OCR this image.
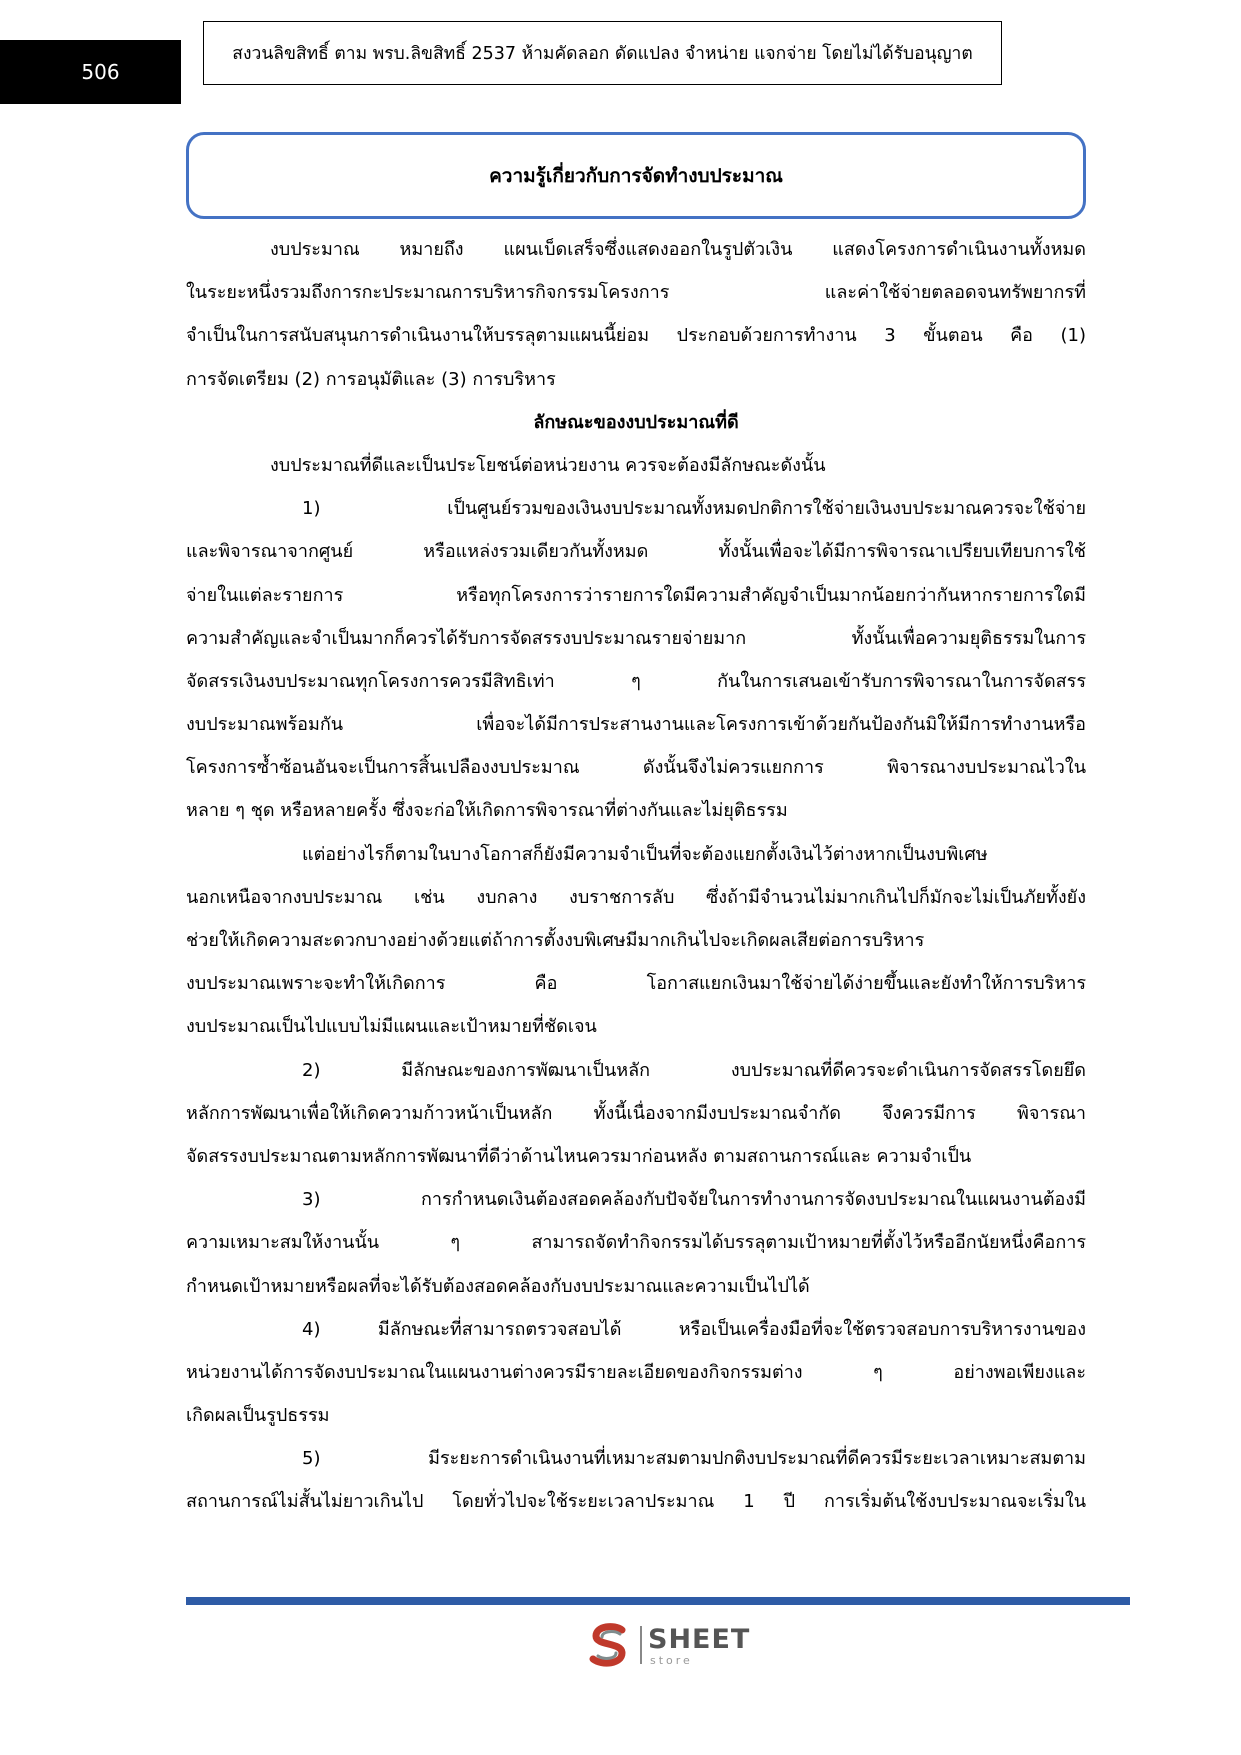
506
สงวนลิขสิทธิ์ ตาม พรบ.ลิขสิทธิ์ 2537 ห้ามคัดลอก ดัดแปลง จำหน่าย แจกจ่าย โดยไม่ได้รับอนุญาต
ความรู้เกี่ยวกับการจัดทำงบประมาณ
งบประมาณ หมายถึง แผนเบ็ดเสร็จซึ่งแสดงออกในรูปตัวเงิน แสดงโครงการดำเนินงานทั้งหมด
ในระยะหนึ่งรวมถึงการกะประมาณการบริหารกิจกรรมโครงการ และค่าใช้จ่ายตลอดจนทรัพยากรที่
จำเป็นในการสนับสนุนการดำเนินงานให้บรรลุตามแผนนี้ย่อม ประกอบด้วยการทำงาน 3 ขั้นตอน คือ (1)
การจัดเตรียม (2) การอนุมัติและ (3) การบริหาร
ลักษณะของงบประมาณที่ดี
งบประมาณที่ดีและเป็นประโยชน์ต่อหน่วยงาน ควรจะต้องมีลักษณะดังนั้น
1) เป็นศูนย์รวมของเงินงบประมาณทั้งหมดปกติการใช้จ่ายเงินงบประมาณควรจะใช้จ่าย
และพิจารณาจากศูนย์ หรือแหล่งรวมเดียวกันทั้งหมด ทั้งนั้นเพื่อจะได้มีการพิจารณาเปรียบเทียบการใช้
จ่ายในแต่ละรายการ หรือทุกโครงการว่ารายการใดมีความสำคัญจำเป็นมากน้อยกว่ากันหากรายการใดมี
ความสำคัญและจำเป็นมากก็ควรได้รับการจัดสรรงบประมาณรายจ่ายมาก ทั้งนั้นเพื่อความยุติธรรมในการ
จัดสรรเงินงบประมาณทุกโครงการควรมีสิทธิเท่า ๆ กันในการเสนอเข้ารับการพิจารณาในการจัดสรร
งบประมาณพร้อมกัน เพื่อจะได้มีการประสานงานและโครงการเข้าด้วยกันป้องกันมิให้มีการทำงานหรือ
โครงการซ้ำซ้อนอันจะเป็นการสิ้นเปลืองงบประมาณ ดังนั้นจึงไม่ควรแยกการ พิจารณางบประมาณไวใน
หลาย ๆ ชุด หรือหลายครั้ง ซึ่งจะก่อให้เกิดการพิจารณาที่ต่างกันและไม่ยุติธรรม
แต่อย่างไรก็ตามในบางโอกาสก็ยังมีความจำเป็นที่จะต้องแยกตั้งเงินไว้ต่างหากเป็นงบพิเศษ
นอกเหนือจากงบประมาณ เช่น งบกลาง งบราชการลับ ซึ่งถ้ามีจำนวนไม่มากเกินไปก็มักจะไม่เป็นภัยทั้งยัง
ช่วยให้เกิดความสะดวกบางอย่างด้วยแต่ถ้าการตั้งงบพิเศษมีมากเกินไปจะเกิดผลเสียต่อการบริหาร
งบประมาณเพราะจะทำให้เกิดการ คือ โอกาสแยกเงินมาใช้จ่ายได้ง่ายขึ้นและยังทำให้การบริหาร
งบประมาณเป็นไปแบบไม่มีแผนและเป้าหมายที่ชัดเจน
2) มีลักษณะของการพัฒนาเป็นหลัก งบประมาณที่ดีควรจะดำเนินการจัดสรรโดยยึด
หลักการพัฒนาเพื่อให้เกิดความก้าวหน้าเป็นหลัก ทั้งนี้เนื่องจากมีงบประมาณจำกัด จึงควรมีการ พิจารณา
จัดสรรงบประมาณตามหลักการพัฒนาที่ดีว่าด้านไหนควรมาก่อนหลัง ตามสถานการณ์และ ความจำเป็น
3) การกำหนดเงินต้องสอดคล้องกับปัจจัยในการทำงานการจัดงบประมาณในแผนงานต้องมี
ความเหมาะสมให้งานนั้น ๆ สามารถจัดทำกิจกรรมได้บรรลุตามเป้าหมายที่ตั้งไว้หรืออีกนัยหนึ่งคือการ
กำหนดเป้าหมายหรือผลที่จะได้รับต้องสอดคล้องกับงบประมาณและความเป็นไปได้
4) มีลักษณะที่สามารถตรวจสอบได้ หรือเป็นเครื่องมือที่จะใช้ตรวจสอบการบริหารงานของ
หน่วยงานได้การจัดงบประมาณในแผนงานต่างควรมีรายละเอียดของกิจกรรมต่าง ๆ อย่างพอเพียงและ
เกิดผลเป็นรูปธรรม
5) มีระยะการดำเนินงานที่เหมาะสมตามปกติงบประมาณที่ดีควรมีระยะเวลาเหมาะสมตาม
สถานการณ์ไม่สั้นไม่ยาวเกินไป โดยทั่วไปจะใช้ระยะเวลาประมาณ 1 ปี การเริ่มต้นใช้งบประมาณจะเริ่มใน
SHEET
store
